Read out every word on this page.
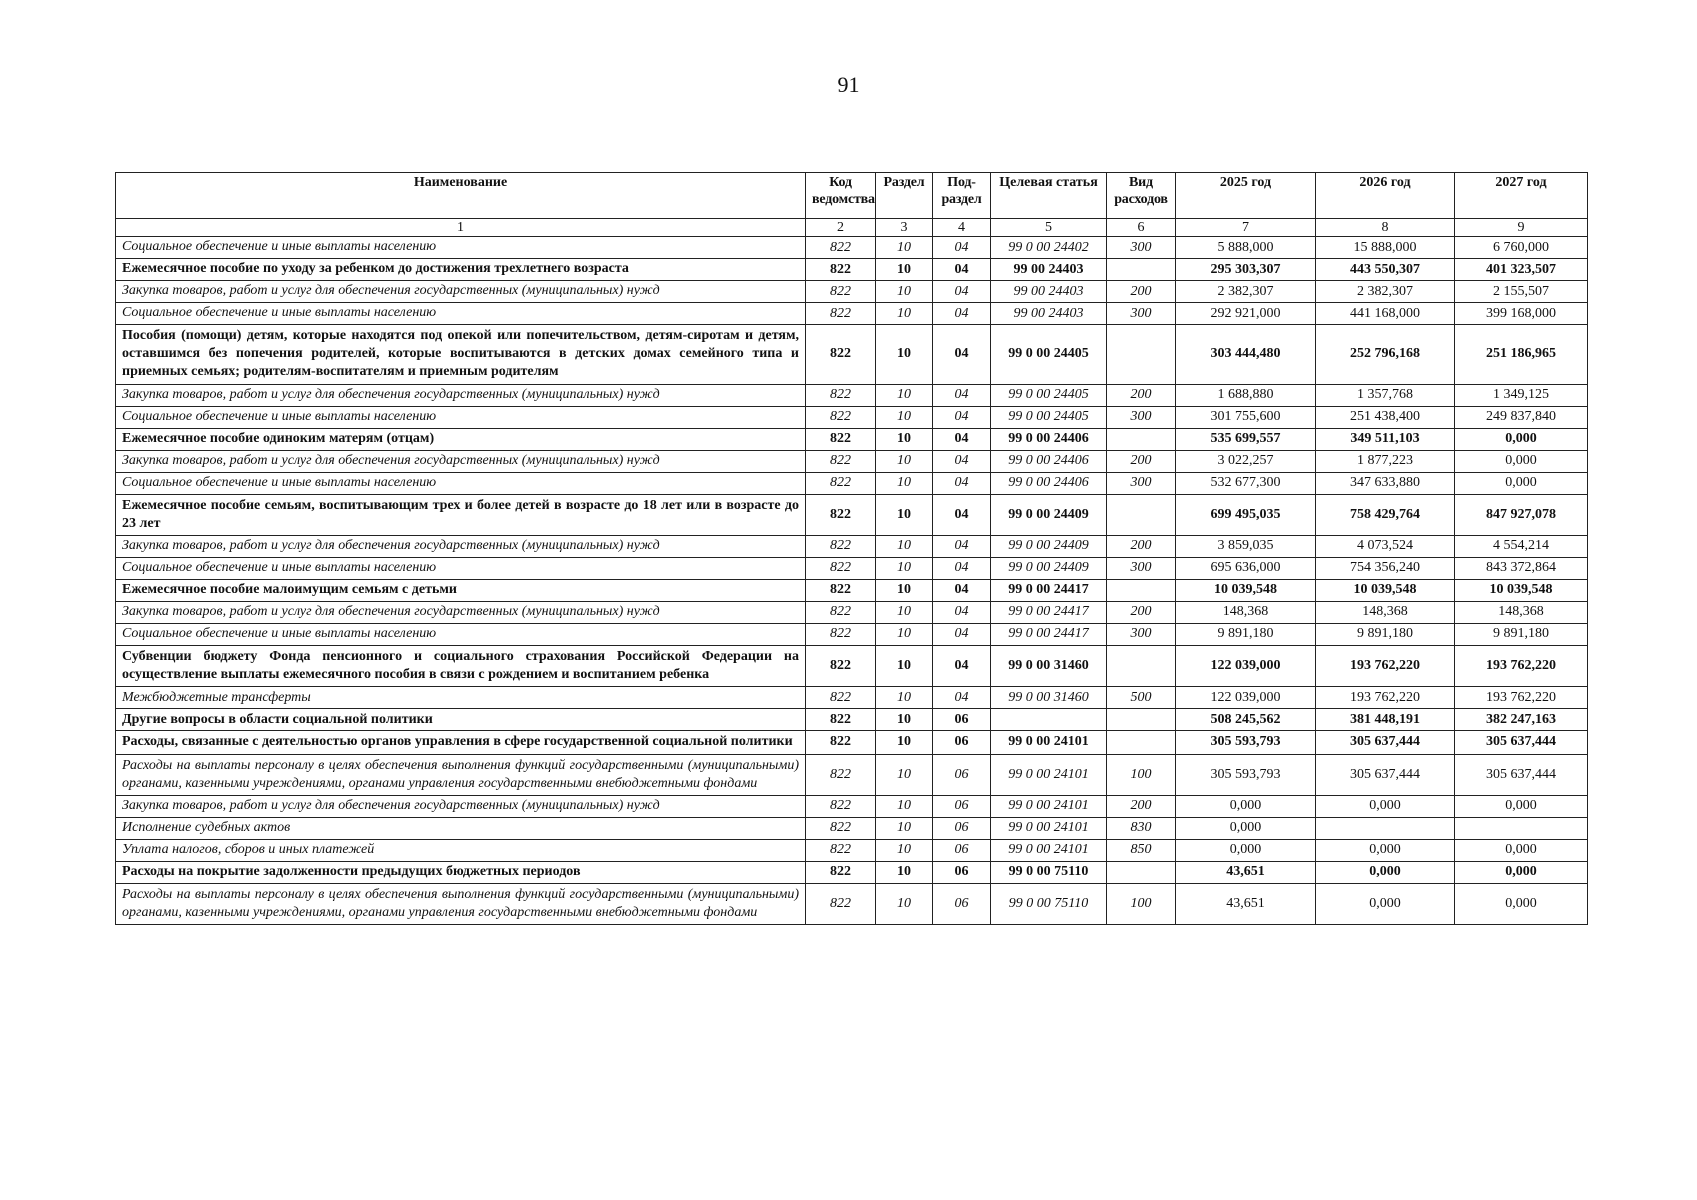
91
Наименование	Код ведомства	Раздел	Под-раздел	Целевая статья	Вид расходов	2025 год	2026 год	2027 год
1	2	3	4	5	6	7	8	9
Социальное обеспечение и иные выплаты населению	822	10	04	99 0 00 24402	300	5 888,000	15 888,000	6 760,000
Ежемесячное пособие по уходу за ребенком до достижения трехлетнего возраста	822	10	04	99 00 24403		295 303,307	443 550,307	401 323,507
Закупка товаров, работ и услуг для обеспечения государственных (муниципальных) нужд	822	10	04	99 00 24403	200	2 382,307	2 382,307	2 155,507
Социальное обеспечение и иные выплаты населению	822	10	04	99 00 24403	300	292 921,000	441 168,000	399 168,000
Пособия (помощи) детям, которые находятся под опекой или попечительством, детям-сиротам и детям, оставшимся без попечения родителей, которые воспитываются в детских домах семейного типа и приемных семьях; родителям-воспитателям и приемным родителям	822	10	04	99 0 00 24405		303 444,480	252 796,168	251 186,965
Закупка товаров, работ и услуг для обеспечения государственных (муниципальных) нужд	822	10	04	99 0 00 24405	200	1 688,880	1 357,768	1 349,125
Социальное обеспечение и иные выплаты населению	822	10	04	99 0 00 24405	300	301 755,600	251 438,400	249 837,840
Ежемесячное пособие одиноким матерям (отцам)	822	10	04	99 0 00 24406		535 699,557	349 511,103	0,000
Закупка товаров, работ и услуг для обеспечения государственных (муниципальных) нужд	822	10	04	99 0 00 24406	200	3 022,257	1 877,223	0,000
Социальное обеспечение и иные выплаты населению	822	10	04	99 0 00 24406	300	532 677,300	347 633,880	0,000
Ежемесячное пособие семьям, воспитывающим трех и более детей в возрасте до 18 лет или в возрасте до 23 лет	822	10	04	99 0 00 24409		699 495,035	758 429,764	847 927,078
Закупка товаров, работ и услуг для обеспечения государственных (муниципальных) нужд	822	10	04	99 0 00 24409	200	3 859,035	4 073,524	4 554,214
Социальное обеспечение и иные выплаты населению	822	10	04	99 0 00 24409	300	695 636,000	754 356,240	843 372,864
Ежемесячное пособие малоимущим семьям с детьми	822	10	04	99 0 00 24417		10 039,548	10 039,548	10 039,548
Закупка товаров, работ и услуг для обеспечения государственных (муниципальных) нужд	822	10	04	99 0 00 24417	200	148,368	148,368	148,368
Социальное обеспечение и иные выплаты населению	822	10	04	99 0 00 24417	300	9 891,180	9 891,180	9 891,180
Субвенции бюджету Фонда пенсионного и социального страхования Российской Федерации на осуществление выплаты ежемесячного пособия в связи с рождением и воспитанием ребенка	822	10	04	99 0 00 31460		122 039,000	193 762,220	193 762,220
Межбюджетные трансферты	822	10	04	99 0 00 31460	500	122 039,000	193 762,220	193 762,220
Другие вопросы в области социальной политики	822	10	06			508 245,562	381 448,191	382 247,163
Расходы, связанные с деятельностью органов управления в сфере государственной социальной политики	822	10	06	99 0 00 24101		305 593,793	305 637,444	305 637,444
Расходы на выплаты персоналу в целях обеспечения выполнения функций государственными (муниципальными) органами, казенными учреждениями, органами управления государственными внебюджетными фондами	822	10	06	99 0 00 24101	100	305 593,793	305 637,444	305 637,444
Закупка товаров, работ и услуг для обеспечения государственных (муниципальных) нужд	822	10	06	99 0 00 24101	200	0,000	0,000	0,000
Исполнение судебных актов	822	10	06	99 0 00 24101	830	0,000		
Уплата налогов, сборов и иных платежей	822	10	06	99 0 00 24101	850	0,000	0,000	0,000
Расходы на покрытие задолженности предыдущих бюджетных периодов	822	10	06	99 0 00 75110		43,651	0,000	0,000
Расходы на выплаты персоналу в целях обеспечения выполнения функций государственными (муниципальными) органами, казенными учреждениями, органами управления государственными внебюджетными фондами	822	10	06	99 0 00 75110	100	43,651	0,000	0,000
